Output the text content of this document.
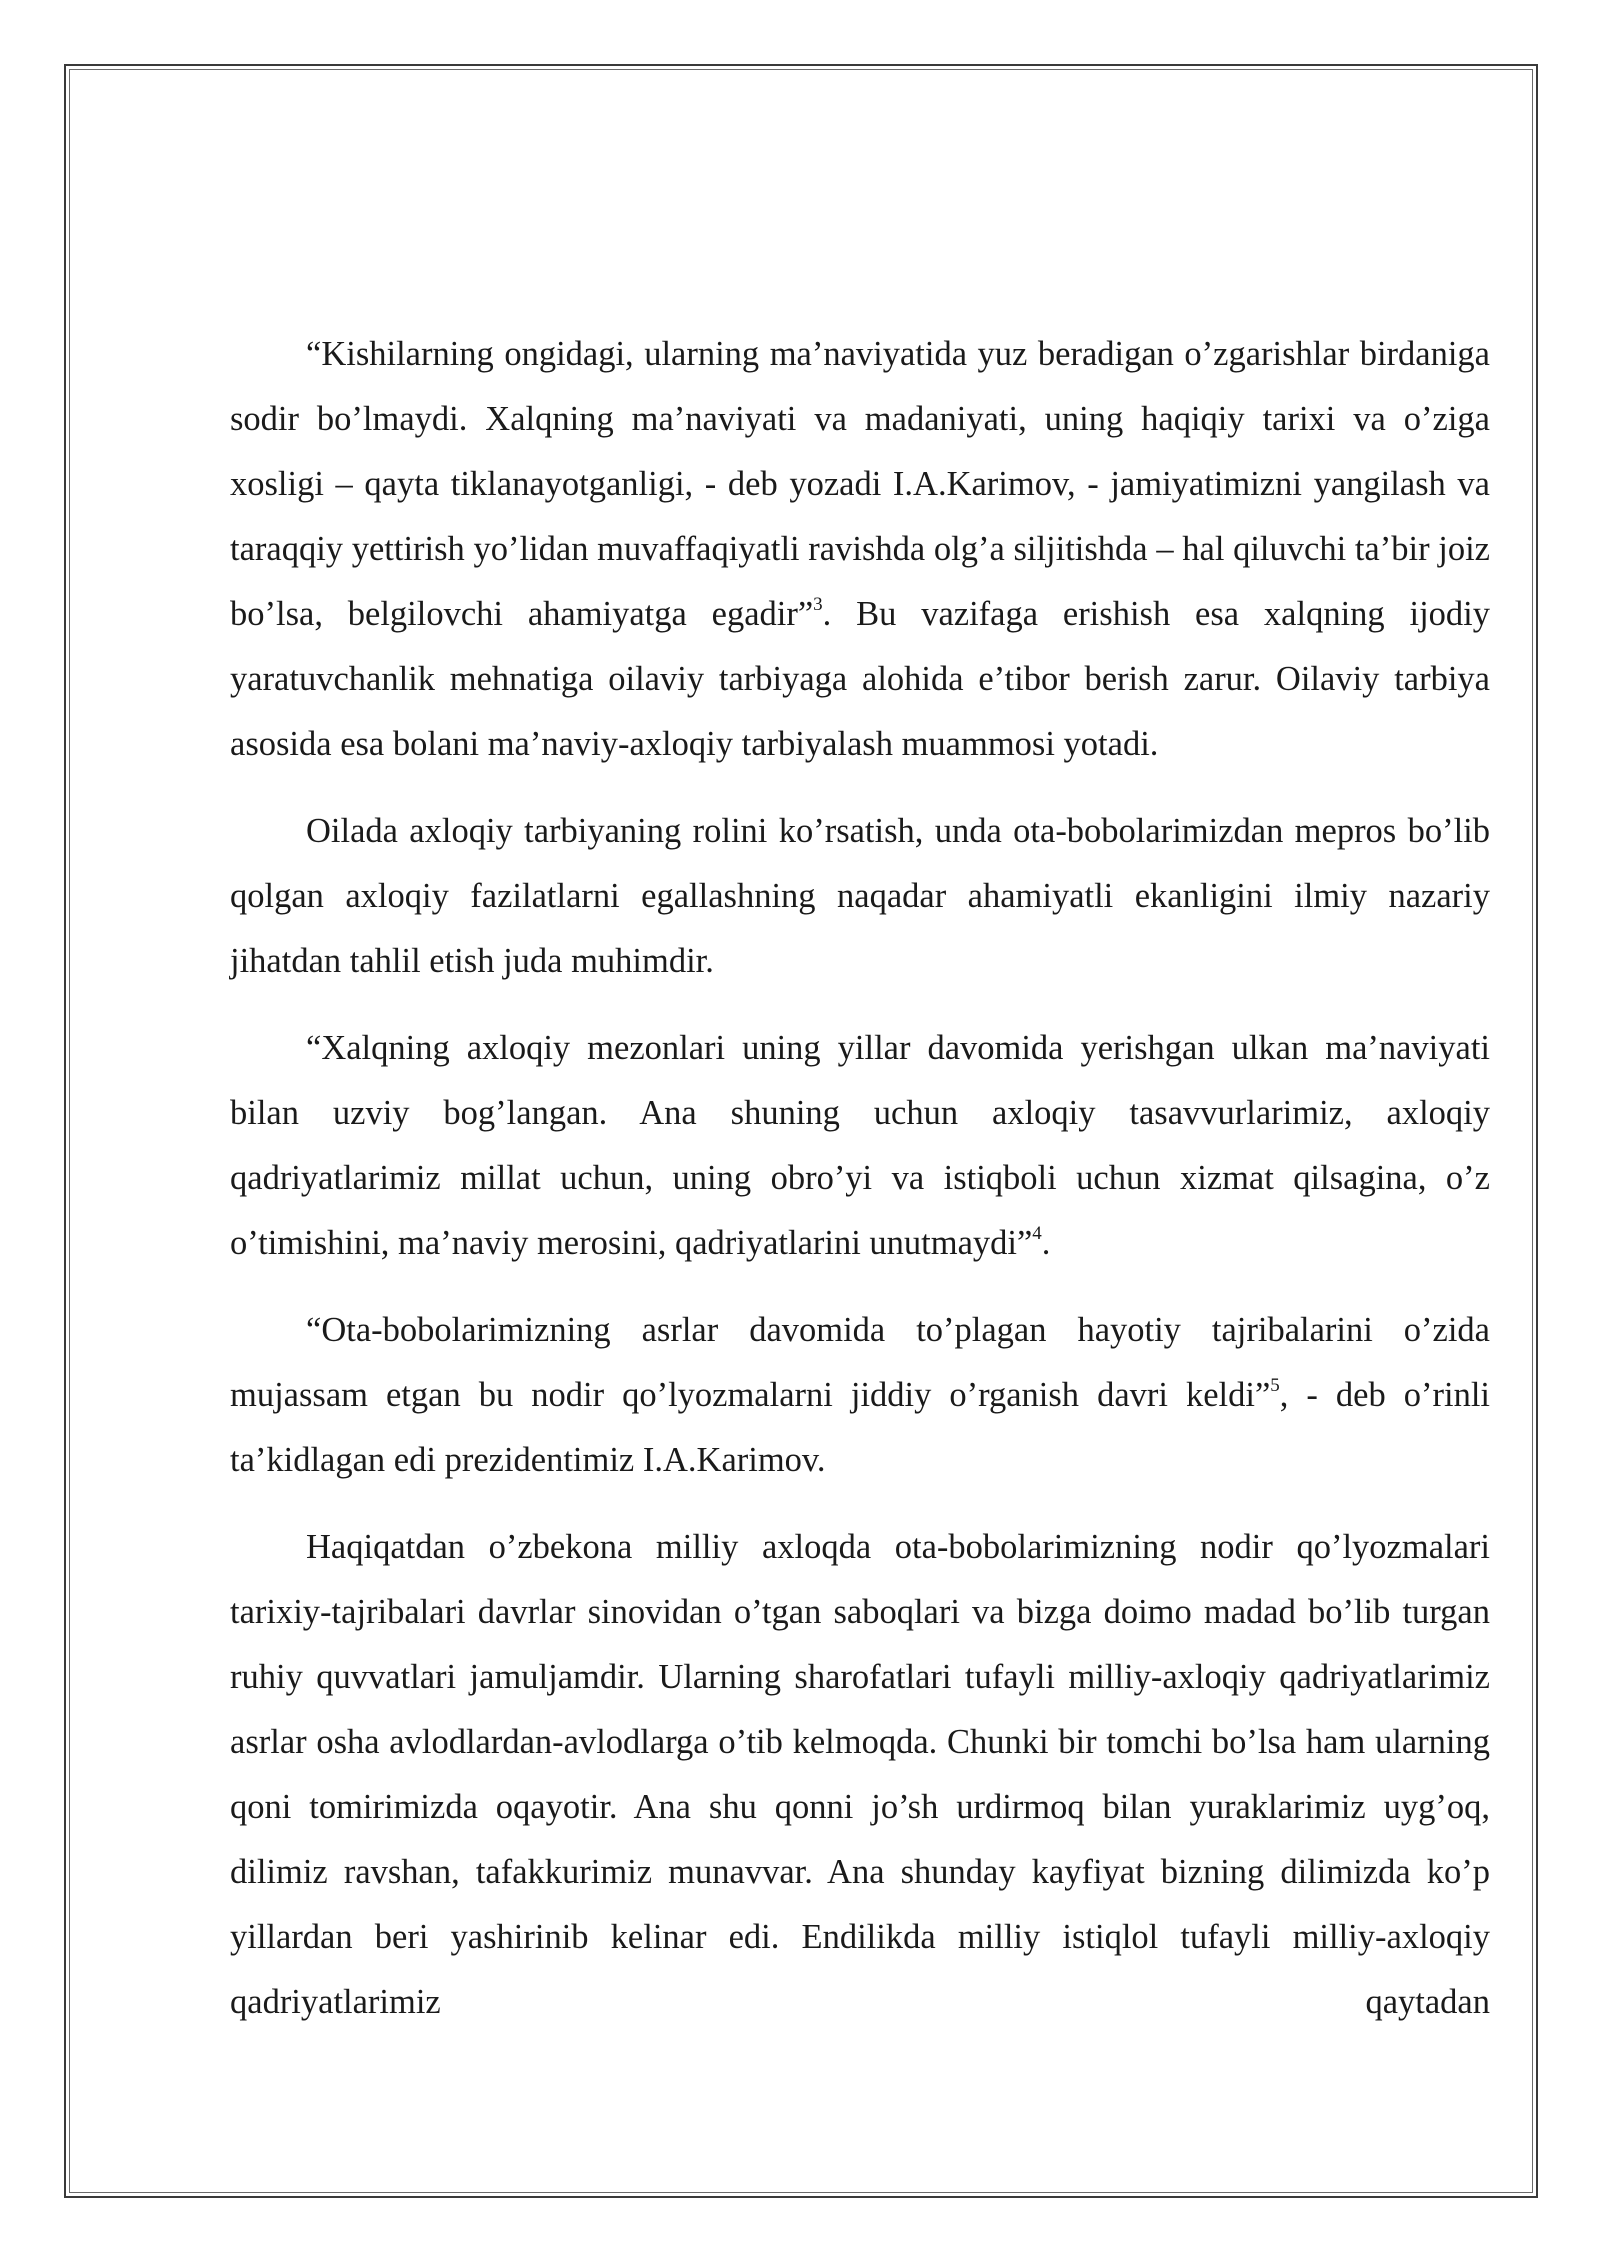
“Kishilarning ongidagi, ularning ma’naviyatida yuz beradigan o’zgarishlar birdaniga sodir bo’lmaydi. Xalqning ma’naviyati va madaniyati, uning haqiqiy tarixi va o’ziga xosligi – qayta tiklanayotganligi, - deb yozadi I.A.Karimov, - jamiyatimizni yangilash va taraqqiy yettirish yo’lidan muvaffaqiyatli ravishda olg’a siljitishda – hal qiluvchi ta’bir joiz bo’lsa, belgilovchi ahamiyatga egadir”$^3$. Bu vazifaga erishish esa xalqning ijodiy yaratuvchanlik mehnatiga oilaviy tarbiyaga alohida e’tibor berish zarur. Oilaviy tarbiya asosida esa bolani ma’naviy-axloqiy tarbiyalash muammosi yotadi.

Oilada axloqiy tarbiyaning rolini ko’rsatish, unda ota-bobolarimizdan mepros bo’lib qolgan axloqiy fazilatlarni egallashning naqadar ahamiyatli ekanligini ilmiy nazariy jihatdan tahlil etish juda muhimdir.

“Xalqning axloqiy mezonlari uning yillar davomida yerishgan ulkan ma’naviyati bilan uzviy bog’langan. Ana shuning uchun axloqiy tasavvurlarimiz, axloqiy qadriyatlarimiz millat uchun, uning obro’yi va istiqboli uchun xizmat qilsagina, o’z o’timishini, ma’naviy merosini, qadriyatlarini unutmaydi”$^4$.

“Ota-bobolarimizning asrlar davomida to’plagan hayotiy tajribalarini o’zida mujassam etgan bu nodir qo’lyozmalarni jiddiy o’rganish davri keldi”$^5$, - deb o’rinli ta’kidlagan edi prezidentimiz I.A.Karimov.

Haqiqatdan o’zbekona milliy axloqda ota-bobolarimizning nodir qo’lyozmalari tarixiy-tajribalari davrlar sinovidan o’tgan saboqlari va bizga doimo madad bo’lib turgan ruhiy quvvatlari jamuljamdir. Ularning sharofatlari tufayli milliy-axloqiy qadriyatlarimiz asrlar osha avlodlardan-avlodlarga o’tib kelmoqda. Chunki bir tomchi bo’lsa ham ularning qoni tomirimizda oqayotir. Ana shu qonni jo’sh urdirmoq bilan yuraklarimiz uyg’oq, dilimiz ravshan, tafakkurimiz munavvar. Ana shunday kayfiyat bizning dilimizda ko’p yillardan beri yashirinib kelinar edi. Endilikda milliy istiqlol tufayli milliy-axloqiy qadriyatlarimiz qaytadan
